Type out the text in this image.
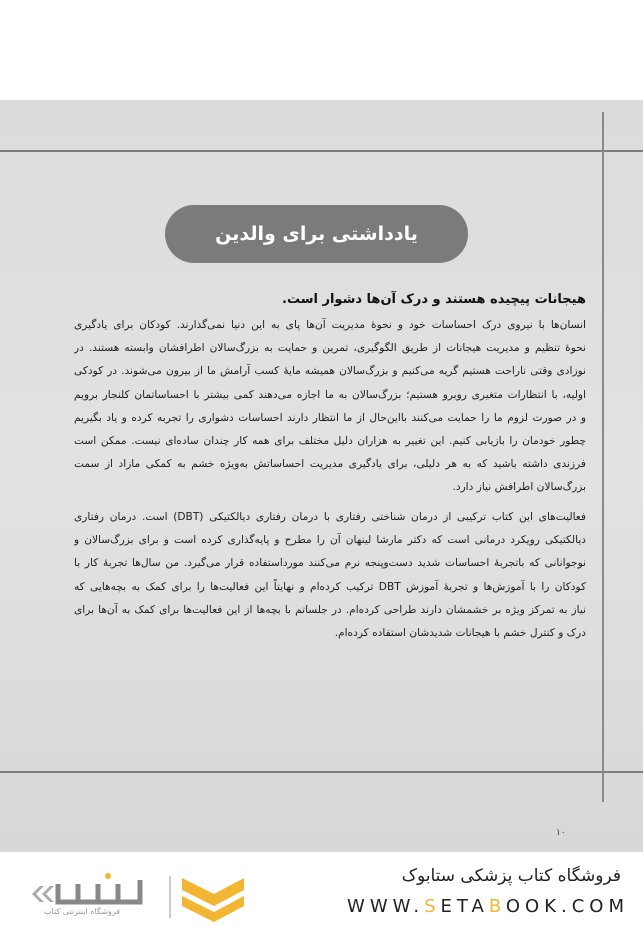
یادداشتی برای والدین
هیجانات پیچیده هستند و درک آن‌ها دشوار است.
انسان‌ها با نیروی درک احساسات خود و نحوهٔ مدیریت آن‌ها پای به این دنیا نمی‌گذارند. کودکان برای یادگیری
نحوهٔ تنظیم و مدیریت هیجانات از طریق الگوگیری، تمرین و حمایت به بزرگ‌سالان اطرافشان وابسته هستند. در
نوزادی وقتی ناراحت هستیم گریه می‌کنیم و بزرگ‌سالان همیشه مایهٔ کسب آرامش ما از بیرون می‌شوند. در کودکی
اولیه، با انتظارات متغیری روبرو هستیم؛ بزرگ‌سالان به ما اجازه می‌دهند کمی بیشتر با احساساتمان کلنجار برویم
و در صورت لزوم ما را حمایت می‌کنند با‌این‌حال از ما انتظار دارند احساسات دشواری را تجربه کرده و یاد بگیریم
چطور خودمان را بازیابی کنیم. این تغییر به هزاران دلیل مختلف برای همه کار چندان ساده‌ای نیست. ممکن است
فرزندی داشته باشید که به هر دلیلی، برای یادگیری مدیریت احساساتش به‌ویژه خشم به کمکی مازاد از سمت
بزرگ‌سالان اطرافش نیاز دارد.
فعالیت‌های این کتاب ترکیبی از درمان شناختی رفتاری با درمان رفتاری دیالکتیکی (DBT) است. درمان رفتاری
دیالکتیکی رویکرد درمانی است که دکتر مارشا لینهان آن را مطرح و پایه‌گذاری کرده است و برای بزرگ‌سالان و
نوجوانانی که باتجربهٔ احساسات شدید دست‌وپنجه نرم می‌کنند مورداستفاده قرار می‌گیرد. من سال‌ها تجربهٔ کار با
کودکان را با آموزش‌ها و تجربهٔ آموزش DBT ترکیب کرده‌ام و نهایتاً این فعالیت‌ها را برای کمک به بچه‌هایی که
نیاز به تمرکز ویژه بر خشمشان دارند طراحی کرده‌ام. در جلساتم با بچه‌ها از این فعالیت‌ها برای کمک به آن‌ها برای
درک و کنترل خشم با هیجانات شدیدشان استفاده کرده‌ام.
۱۰
فروشگاه کتاب پزشکی ستابوک
WWW.SETABOOK.COM
فروشگاه اینترنتی کتاب
